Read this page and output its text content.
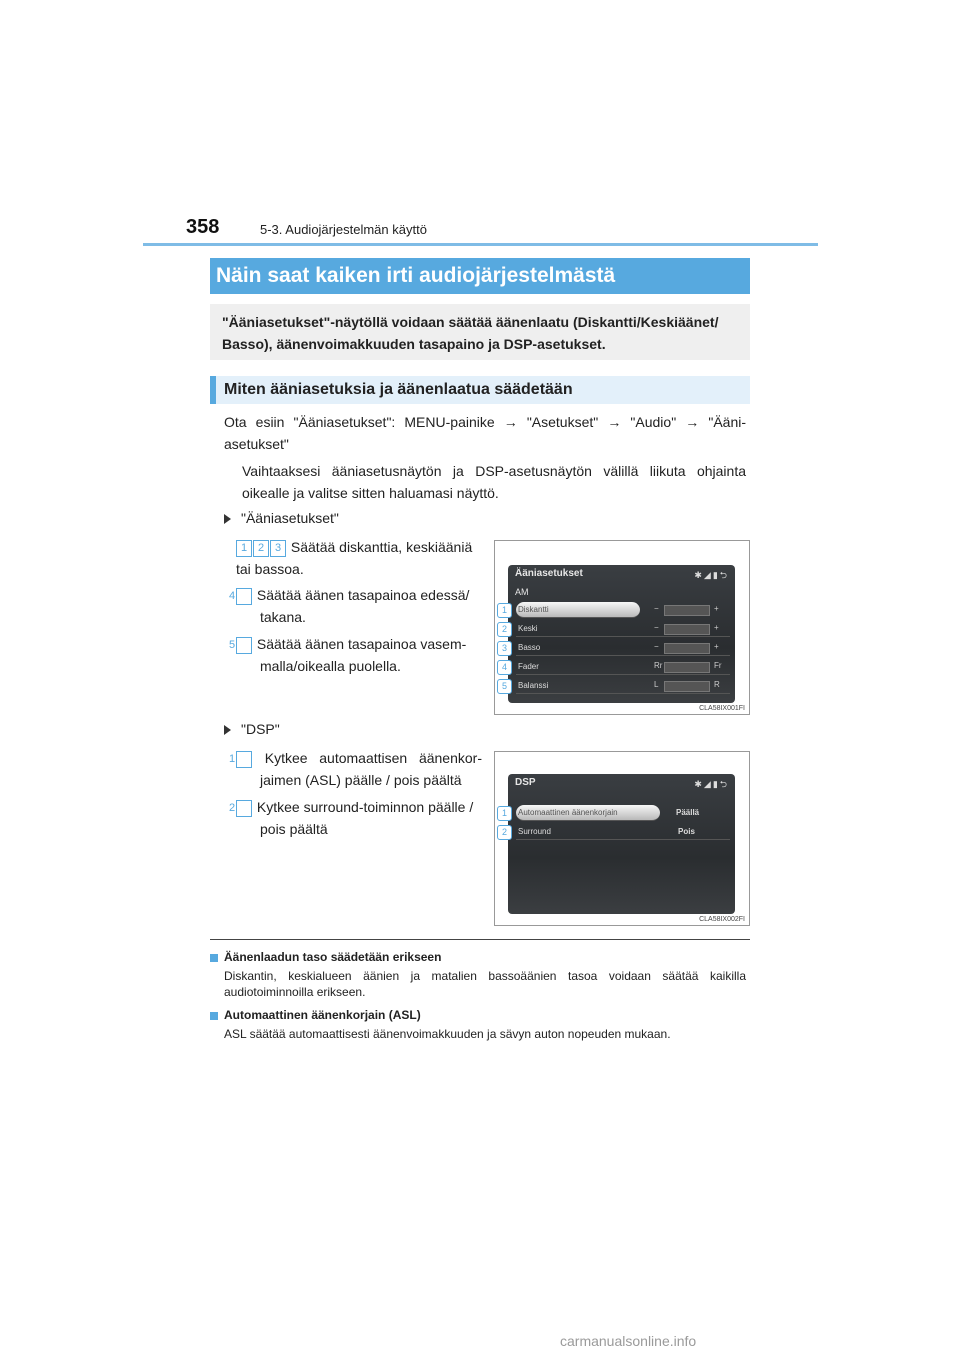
358	5-3. Audiojärjestelmän käyttö
Näin saat kaiken irti audiojärjestelmästä
"Ääniasetukset"-näytöllä voidaan säätää äänenlaatu (Diskantti/Keskiäänet/ Basso), äänenvoimakkuuden tasapaino ja DSP-asetukset.
Miten ääniasetuksia ja äänenlaatua säädetään
Ota esiin "Ääniasetukset": MENU-painike → "Asetukset" → "Audio" → "Ääni- asetukset"
Vaihtaaksesi ääniasetusnäytön ja DSP-asetusnäytön välillä liikuta ohjainta oikealle ja valitse sitten haluamasi näyttö.
"Ääniasetukset"
1 2 3 Säätää diskanttia, keskiääniä tai bassoa.
4 Säätää äänen tasapainoa edessä/ takana.
5 Säätää äänen tasapainoa vasem- malla/oikealla puolella.
Ääniasetukset	✱◢▮⮌
AM
Diskantti	−	+
Keski	−	+
Basso	−	+
Fader	Rr	Fr
Balanssi	L	R
1
2
3
4
5
CLA58IX001FI
"DSP"
1 Kytkee automaattisen äänenkor- jaimen (ASL) päälle / pois päältä
2 Kytkee surround-toiminnon päälle / pois päältä
DSP	✱◢▮⮌
Automaattinen äänenkorjain	Päällä
Surround	Pois
1
2
CLA58IX002FI
Äänenlaadun taso säädetään erikseen
Diskantin, keskialueen äänien ja matalien bassoäänien tasoa voidaan säätää kaikilla audiotoiminnoilla erikseen.
Automaattinen äänenkorjain (ASL)
ASL säätää automaattisesti äänenvoimakkuuden ja sävyn auton nopeuden mukaan.
carmanualsonline.info
